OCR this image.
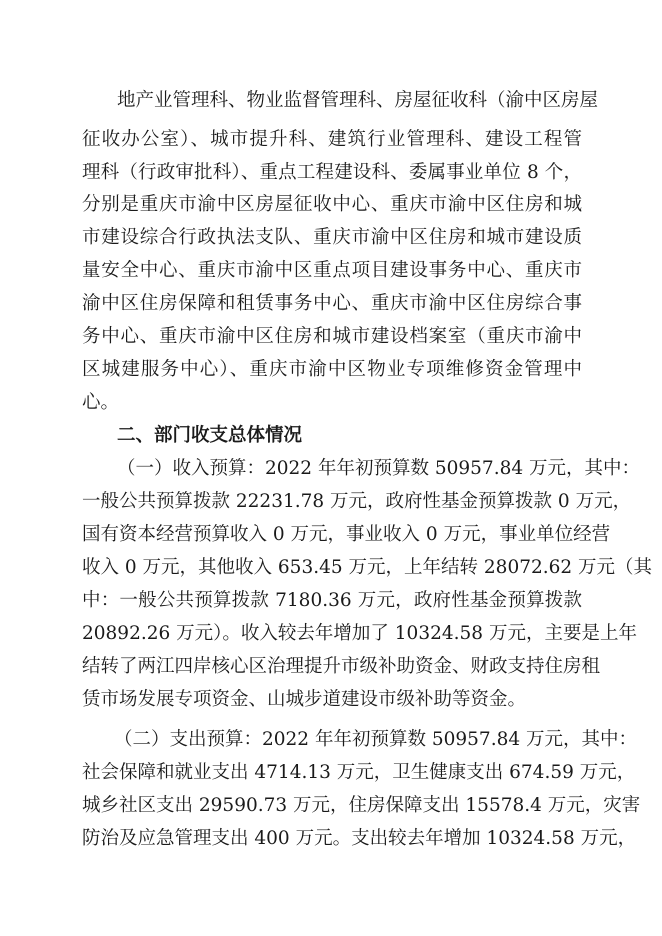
地产业管理科、物业监督管理科、房屋征收科（渝中区房屋
征收办公室）、城市提升科、建筑行业管理科、建设工程管
理科（行政审批科）、重点工程建设科、委属事业单位 8 个，
分别是重庆市渝中区房屋征收中心、重庆市渝中区住房和城
市建设综合行政执法支队、重庆市渝中区住房和城市建设质
量安全中心、重庆市渝中区重点项目建设事务中心、重庆市
渝中区住房保障和租赁事务中心、重庆市渝中区住房综合事
务中心、重庆市渝中区住房和城市建设档案室（重庆市渝中
区城建服务中心）、重庆市渝中区物业专项维修资金管理中
心。
二、部门收支总体情况
（一）收入预算：2022 年年初预算数 50957.84 万元，其中：
一般公共预算拨款 22231.78 万元，政府性基金预算拨款 0 万元，
国有资本经营预算收入 0 万元，事业收入 0 万元，事业单位经营
收入 0 万元，其他收入 653.45 万元，上年结转 28072.62 万元（其
中：一般公共预算拨款 7180.36 万元，政府性基金预算拨款
20892.26 万元）。收入较去年增加了 10324.58 万元，主要是上年
结转了两江四岸核心区治理提升市级补助资金、财政支持住房租
赁市场发展专项资金、山城步道建设市级补助等资金。
（二）支出预算：2022 年年初预算数 50957.84 万元，其中：
社会保障和就业支出 4714.13 万元，卫生健康支出 674.59 万元，
城乡社区支出 29590.73 万元，住房保障支出 15578.4 万元，灾害
防治及应急管理支出 400 万元。支出较去年增加 10324.58 万元，
